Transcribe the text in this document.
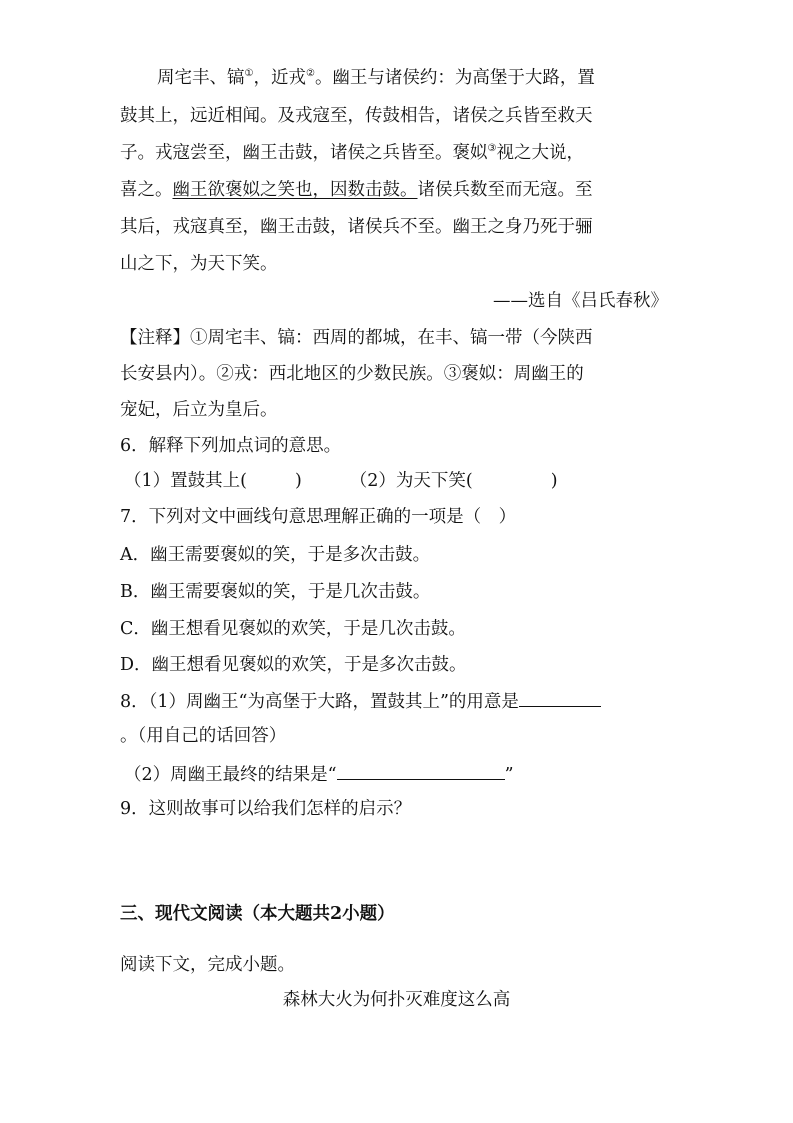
周宅丰、镐①，近戎②。幽王与诸侯约：为高堡于大路，置
鼓其上，远近相闻。及戎寇至，传鼓相告，诸侯之兵皆至救天
子。戎寇尝至，幽王击鼓，诸侯之兵皆至。褒姒③视之大说，
喜之。幽王欲褒姒之笑也，因数击鼓。诸侯兵数至而无寇。至
其后，戎寇真至，幽王击鼓，诸侯兵不至。幽王之身乃死于骊
山之下，为天下笑。
——选自《吕氏春秋》
【注释】①周宅丰、镐：西周的都城，在丰、镐一带（今陕西
长安县内）。②戎：西北地区的少数民族。③褒姒：周幽王的
宠妃，后立为皇后。
6．解释下列加点词的意思。
（1）置鼓其上(	)	（2）为天下笑(	)
7．下列对文中画线句意思理解正确的一项是（　）
A．幽王需要褒姒的笑，于是多次击鼓。
B．幽王需要褒姒的笑，于是几次击鼓。
C．幽王想看见褒姒的欢笑，于是几次击鼓。
D．幽王想看见褒姒的欢笑，于是多次击鼓。
8．（1）周幽王“为高堡于大路，置鼓其上”的用意是
。（用自己的话回答）
（2）周幽王最终的结果是“	”
9．这则故事可以给我们怎样的启示？
三、现代文阅读（本大题共2小题）
阅读下文，完成小题。
森林大火为何扑灭难度这么高
